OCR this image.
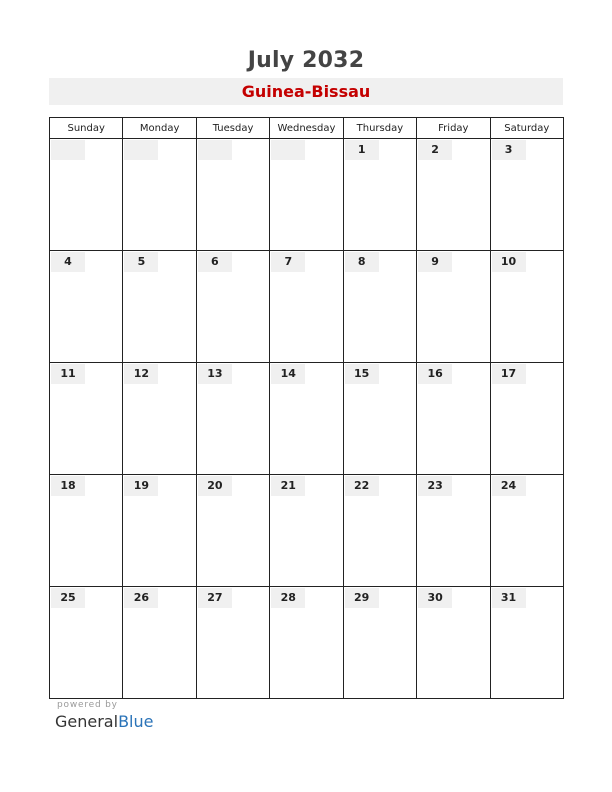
July 2032
Guinea-Bissau
Sunday	Monday	Tuesday	Wednesday	Thursday	Friday	Saturday

				1	2	3

4	5	6	7	8	9	10

11	12	13	14	15	16	17

18	19	20	21	22	23	24

25	26	27	28	29	30	31
powered by
GeneralBlue
